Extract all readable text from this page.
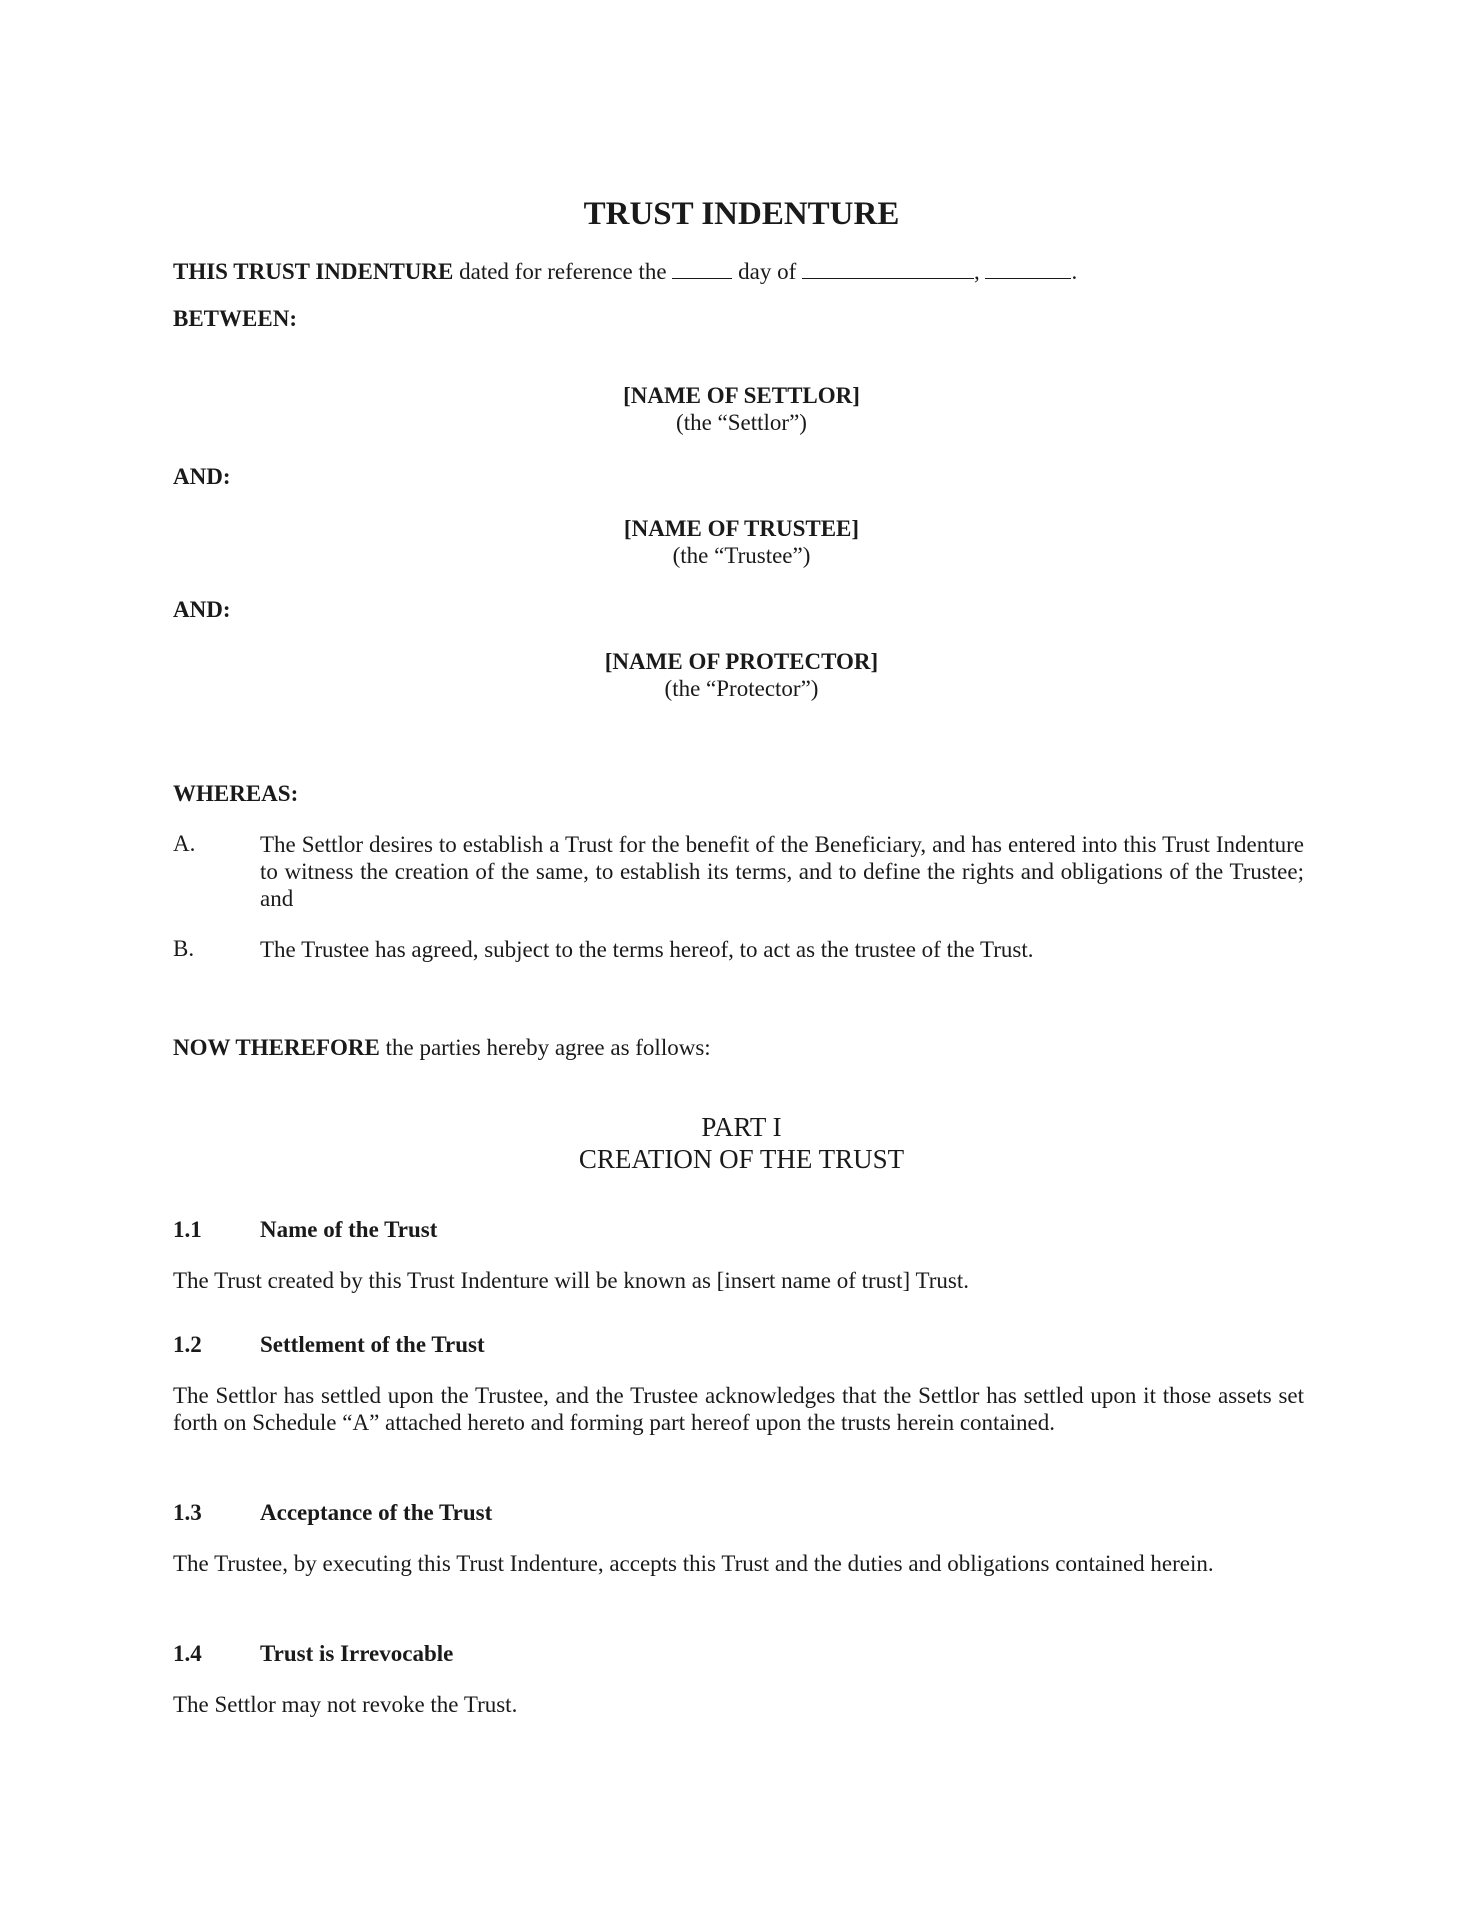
TRUST INDENTURE
THIS TRUST INDENTURE dated for reference the	day of	,	.
BETWEEN:
[NAME OF SETTLOR]
(the “Settlor”)
AND:
[NAME OF TRUSTEE]
(the “Trustee”)
AND:
[NAME OF PROTECTOR]
(the “Protector”)
WHEREAS:
A.	The Settlor desires to establish a Trust for the benefit of the Beneficiary, and has entered into this Trust Indenture to witness the creation of the same, to establish its terms, and to define the rights and obligations of the Trustee; and
B.	The Trustee has agreed, subject to the terms hereof, to act as the trustee of the Trust.
NOW THEREFORE the parties hereby agree as follows:
PART I
CREATION OF THE TRUST
1.1	Name of the Trust
The Trust created by this Trust Indenture will be known as [insert name of trust] Trust.
1.2	Settlement of the Trust
The Settlor has settled upon the Trustee, and the Trustee acknowledges that the Settlor has settled upon it those assets set forth on Schedule “A” attached hereto and forming part hereof upon the trusts herein contained.
1.3	Acceptance of the Trust
The Trustee, by executing this Trust Indenture, accepts this Trust and the duties and obligations contained herein.
1.4	Trust is Irrevocable
The Settlor may not revoke the Trust.
